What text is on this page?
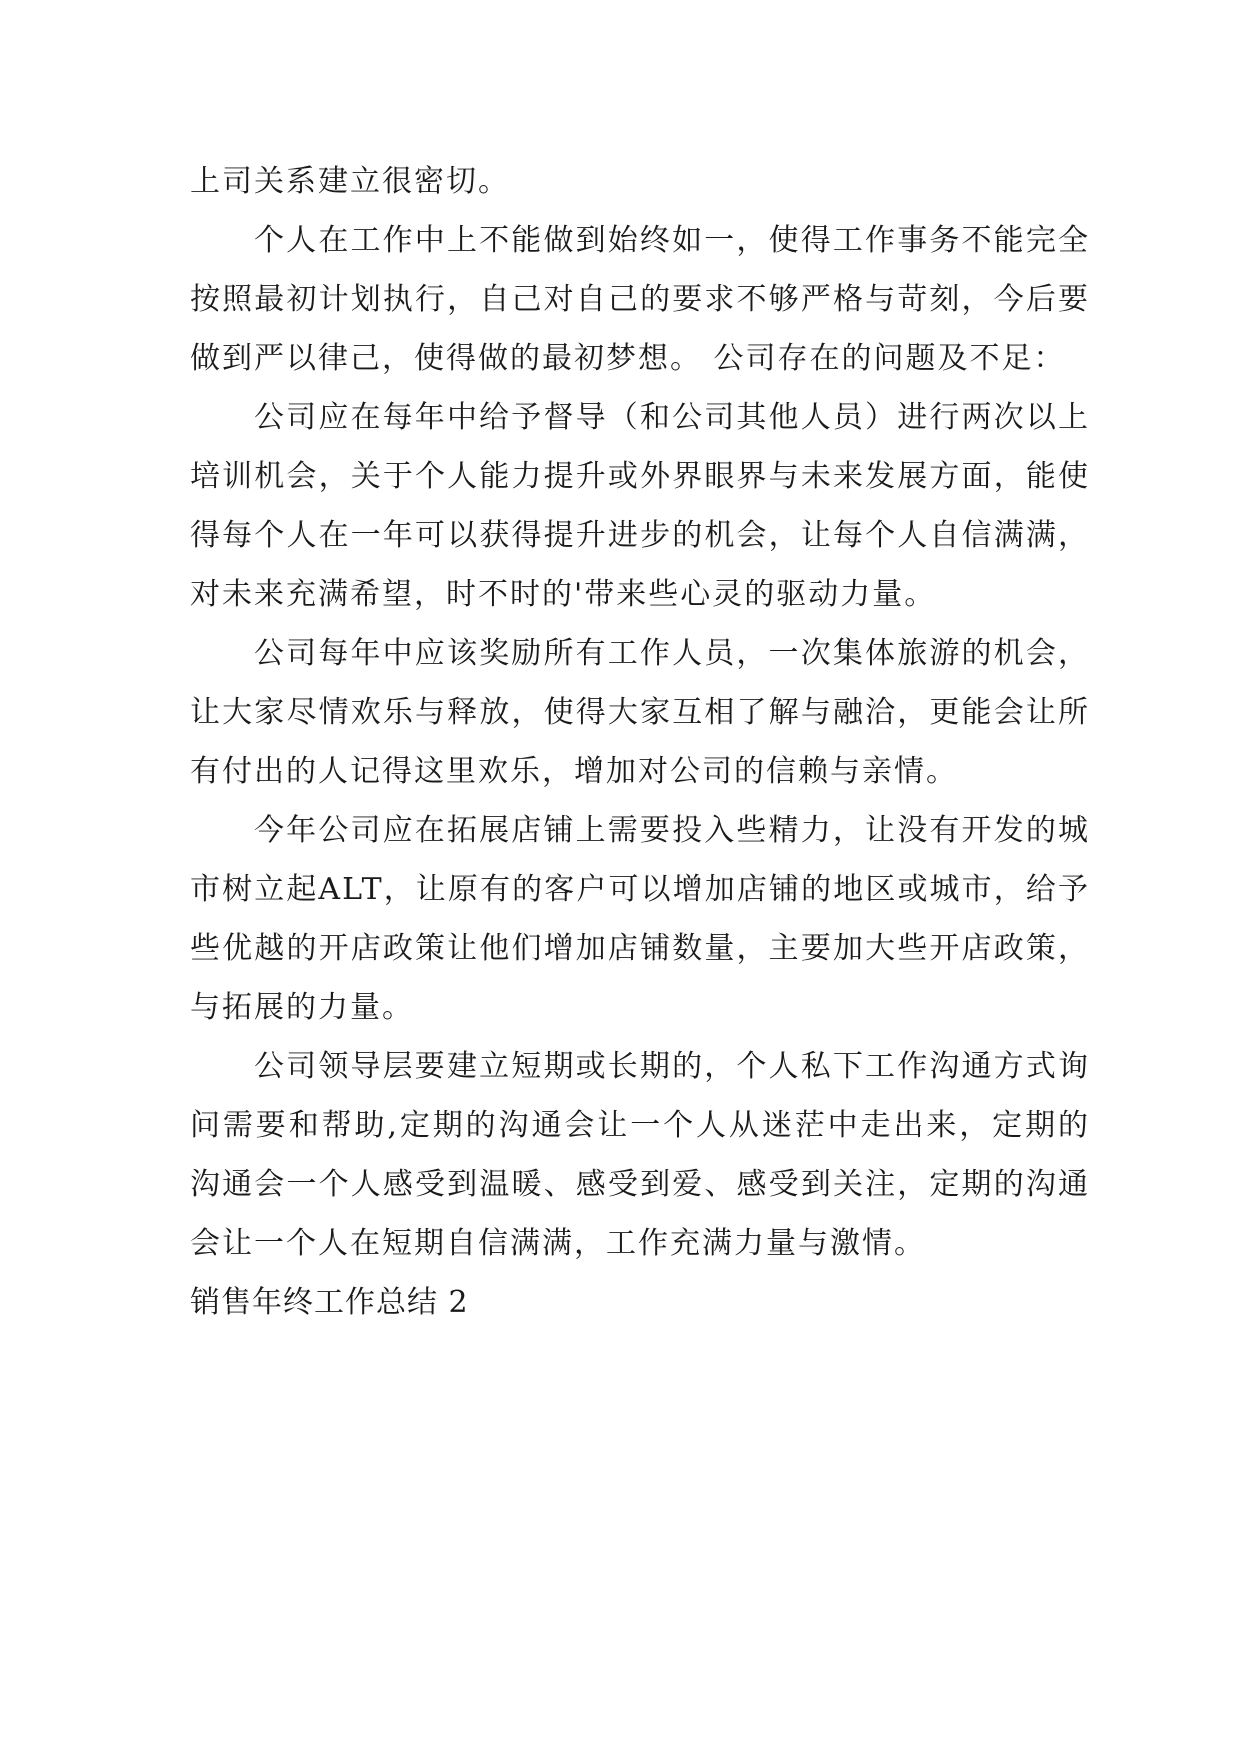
上司关系建立很密切。

个人在工作中上不能做到始终如一，使得工作事务不能完全按照最初计划执行，自己对自己的要求不够严格与苛刻，今后要做到严以律己，使得做的最初梦想。 公司存在的问题及不足：

公司应在每年中给予督导（和公司其他人员）进行两次以上培训机会，关于个人能力提升或外界眼界与未来发展方面，能使得每个人在一年可以获得提升进步的机会，让每个人自信满满，对未来充满希望，时不时的'带来些心灵的驱动力量。

公司每年中应该奖励所有工作人员，一次集体旅游的机会，让大家尽情欢乐与释放，使得大家互相了解与融洽，更能会让所有付出的人记得这里欢乐，增加对公司的信赖与亲情。

今年公司应在拓展店铺上需要投入些精力，让没有开发的城市树立起ALT，让原有的客户可以增加店铺的地区或城市，给予些优越的开店政策让他们增加店铺数量，主要加大些开店政策，与拓展的力量。

公司领导层要建立短期或长期的，个人私下工作沟通方式询问需要和帮助,定期的沟通会让一个人从迷茫中走出来，定期的沟通会一个人感受到温暖、感受到爱、感受到关注，定期的沟通会让一个人在短期自信满满，工作充满力量与激情。

销售年终工作总结 2
